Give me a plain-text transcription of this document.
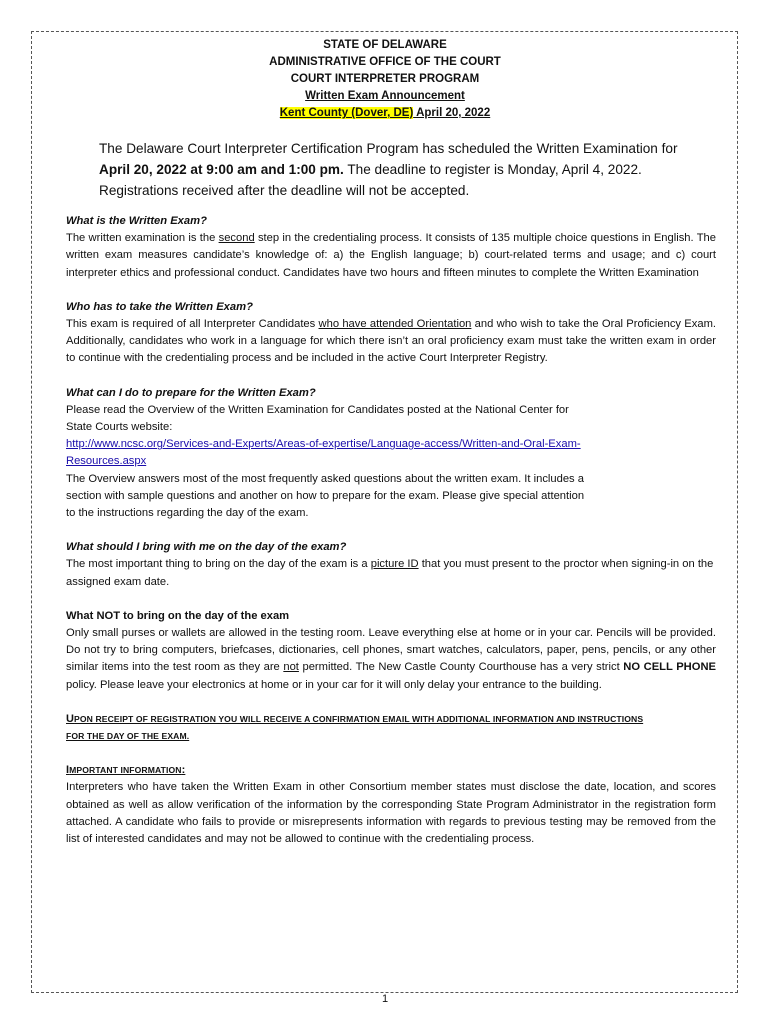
STATE OF DELAWARE
ADMINISTRATIVE OFFICE OF THE COURT
COURT INTERPRETER PROGRAM
Written Exam Announcement
Kent County (Dover, DE) April 20, 2022
The Delaware Court Interpreter Certification Program has scheduled the Written Examination for April 20, 2022 at 9:00 am and 1:00 pm. The deadline to register is Monday, April 4, 2022. Registrations received after the deadline will not be accepted.

What is the Written Exam?

The written examination is the second step in the credentialing process. It consists of 135 multiple choice questions in English. The written exam measures candidate’s knowledge of: a) the English language; b) court-related terms and usage; and c) court interpreter ethics and professional conduct. Candidates have two hours and fifteen minutes to complete the Written Examination

Who has to take the Written Exam?

This exam is required of all Interpreter Candidates who have attended Orientation and who wish to take the Oral Proficiency Exam. Additionally, candidates who work in a language for which there isn’t an oral proficiency exam must take the written exam in order to continue with the credentialing process and be included in the active Court Interpreter Registry.

What can I do to prepare for the Written Exam?

Please read the Overview of the Written Examination for Candidates posted at the National Center for

State Courts website:

http://www.ncsc.org/Services-and-Experts/Areas-of-expertise/Language-access/Written-and-Oral-Exam-

Resources.aspx

The Overview answers most of the most frequently asked questions about the written exam. It includes a

section with sample questions and another on how to prepare for the exam. Please give special attention

to the instructions regarding the day of the exam.

What should I bring with me on the day of the exam?

The most important thing to bring on the day of the exam is a picture ID that you must present to the proctor when signing-in on the assigned exam date.

What NOT to bring on the day of the exam

Only small purses or wallets are allowed in the testing room. Leave everything else at home or in your car. Pencils will be provided. Do not try to bring computers, briefcases, dictionaries, cell phones, smart watches, calculators, paper, pens, pencils, or any other similar items into the test room as they are not permitted. The New Castle County Courthouse has a very strict NO CELL PHONE policy. Please leave your electronics at home or in your car for it will only delay your entrance to the building.

UPON RECEIPT OF REGISTRATION YOU WILL RECEIVE A CONFIRMATION EMAIL WITH ADDITIONAL INFORMATION AND INSTRUCTIONS

FOR THE DAY OF THE EXAM.

IMPORTANT INFORMATION:

Interpreters who have taken the Written Exam in other Consortium member states must disclose the date, location, and scores obtained as well as allow verification of the information by the corresponding State Program Administrator in the registration form attached. A candidate who fails to provide or misrepresents information with regards to previous testing may be removed from the list of interested candidates and may not be allowed to continue with the credentialing process.

1
